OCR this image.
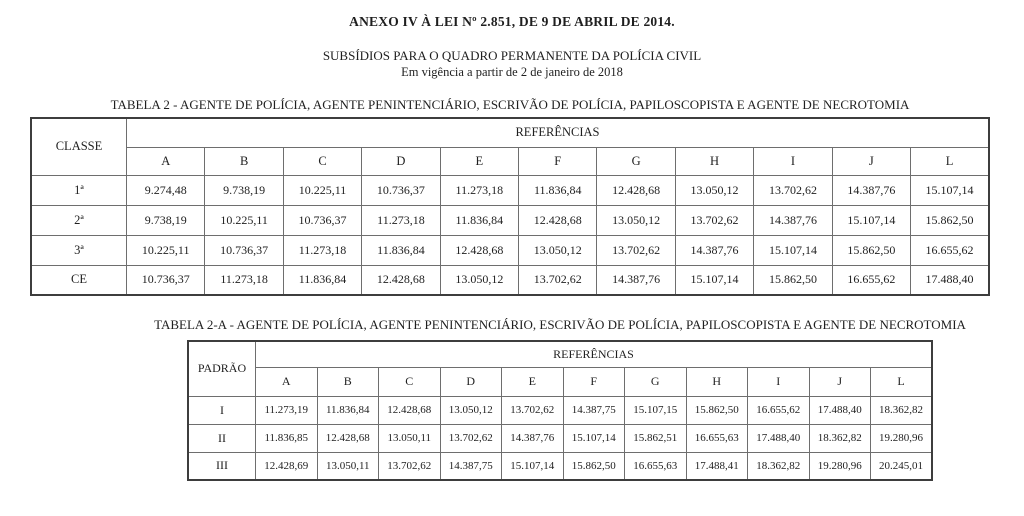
ANEXO IV À LEI Nº 2.851, DE 9 DE ABRIL DE 2014.

SUBSÍDIOS PARA O QUADRO PERMANENTE DA POLÍCIA CIVIL

Em vigência a partir de 2 de janeiro de 2018

TABELA 2 - AGENTE DE POLÍCIA, AGENTE PENINTENCIÁRIO, ESCRIVÃO DE POLÍCIA, PAPILOSCOPISTA E AGENTE DE NECROTOMIA
CLASSE	REFERÊNCIAS										
	A	B	C	D	E	F	G	H	I	J	L
1ª	9.274,48	9.738,19	10.225,11	10.736,37	11.273,18	11.836,84	12.428,68	13.050,12	13.702,62	14.387,76	15.107,14
2ª	9.738,19	10.225,11	10.736,37	11.273,18	11.836,84	12.428,68	13.050,12	13.702,62	14.387,76	15.107,14	15.862,50
3ª	10.225,11	10.736,37	11.273,18	11.836,84	12.428,68	13.050,12	13.702,62	14.387,76	15.107,14	15.862,50	16.655,62
CE	10.736,37	11.273,18	11.836,84	12.428,68	13.050,12	13.702,62	14.387,76	15.107,14	15.862,50	16.655,62	17.488,40
TABELA 2-A - AGENTE DE POLÍCIA, AGENTE PENINTENCIÁRIO, ESCRIVÃO DE POLÍCIA, PAPILOSCOPISTA E AGENTE DE NECROTOMIA
PADRÃO	REFERÊNCIAS										
	A	B	C	D	E	F	G	H	I	J	L
I	11.273,19	11.836,84	12.428,68	13.050,12	13.702,62	14.387,75	15.107,15	15.862,50	16.655,62	17.488,40	18.362,82
II	11.836,85	12.428,68	13.050,11	13.702,62	14.387,76	15.107,14	15.862,51	16.655,63	17.488,40	18.362,82	19.280,96
III	12.428,69	13.050,11	13.702,62	14.387,75	15.107,14	15.862,50	16.655,63	17.488,41	18.362,82	19.280,96	20.245,01
